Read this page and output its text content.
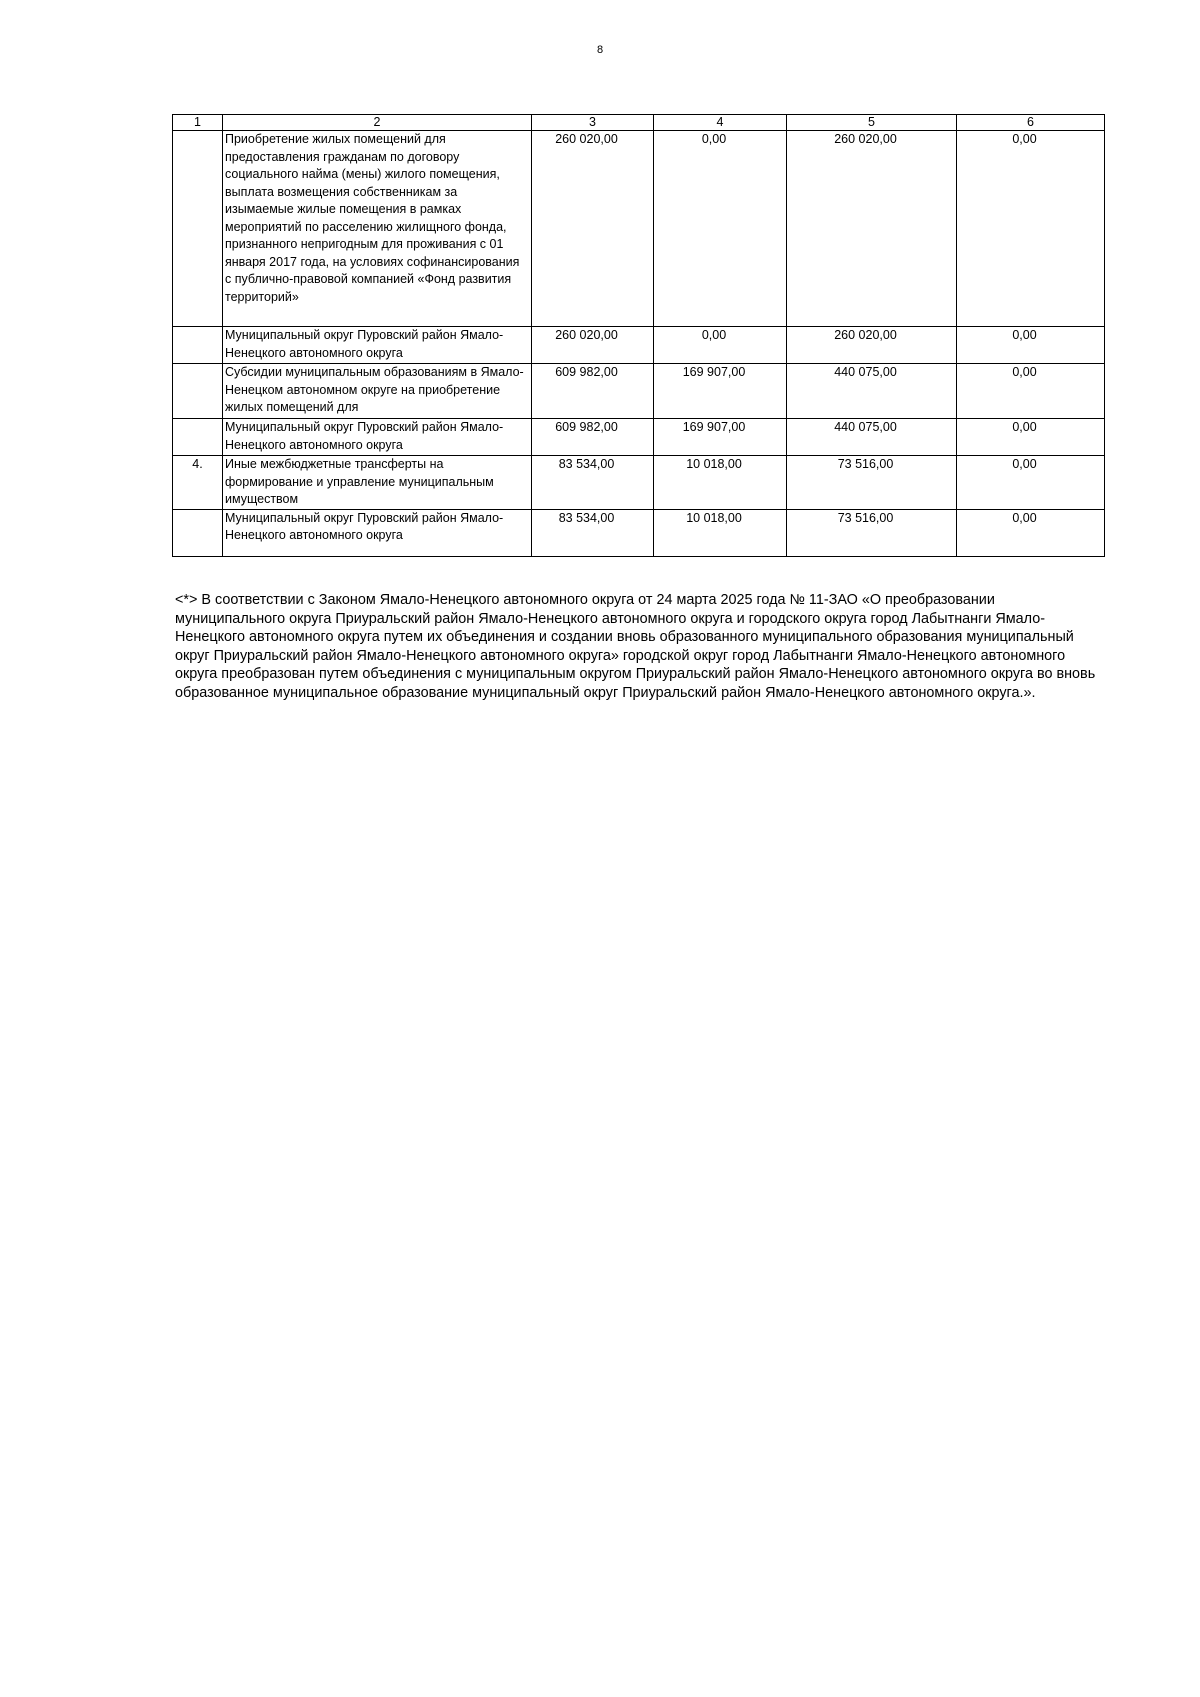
8
1	2	3	4	5	6
	Приобретение жилых помещений для предоставления гражданам по договору социального найма (мены) жилого помещения, выплата возмещения собственникам за изымаемые жилые помещения в рамках мероприятий по расселению жилищного фонда, признанного непригодным для проживания с 01 января 2017 года, на условиях софинансирования с публично-правовой компанией «Фонд развития территорий»	260 020,00	0,00	260 020,00	0,00
	Муниципальный округ Пуровский район Ямало-Ненецкого автономного округа	260 020,00	0,00	260 020,00	0,00
	Субсидии муниципальным образованиям в Ямало-Ненецком автономном округе на приобретение жилых помещений для	609 982,00	169 907,00	440 075,00	0,00
	Муниципальный округ Пуровский район Ямало-Ненецкого автономного округа	609 982,00	169 907,00	440 075,00	0,00
4.	Иные межбюджетные трансферты на формирование и управление муниципальным имуществом	83 534,00	10 018,00	73 516,00	0,00
	Муниципальный округ Пуровский район Ямало-Ненецкого автономного округа	83 534,00	10 018,00	73 516,00	0,00
<*> В соответствии с Законом Ямало-Ненецкого автономного округа от 24 марта 2025 года № 11-ЗАО «О преобразовании муниципального округа Приуральский район Ямало-Ненецкого автономного округа и городского округа город Лабытнанги Ямало-Ненецкого автономного округа путем их объединения и создании вновь образованного муниципального образования муниципальный округ Приуральский район Ямало-Ненецкого автономного округа» городской округ город Лабытнанги Ямало-Ненецкого автономного округа преобразован путем объединения с муниципальным округом Приуральский район Ямало-Ненецкого автономного округа во вновь образованное муниципальное образование муниципальный округ Приуральский район Ямало-Ненецкого автономного округа.».
